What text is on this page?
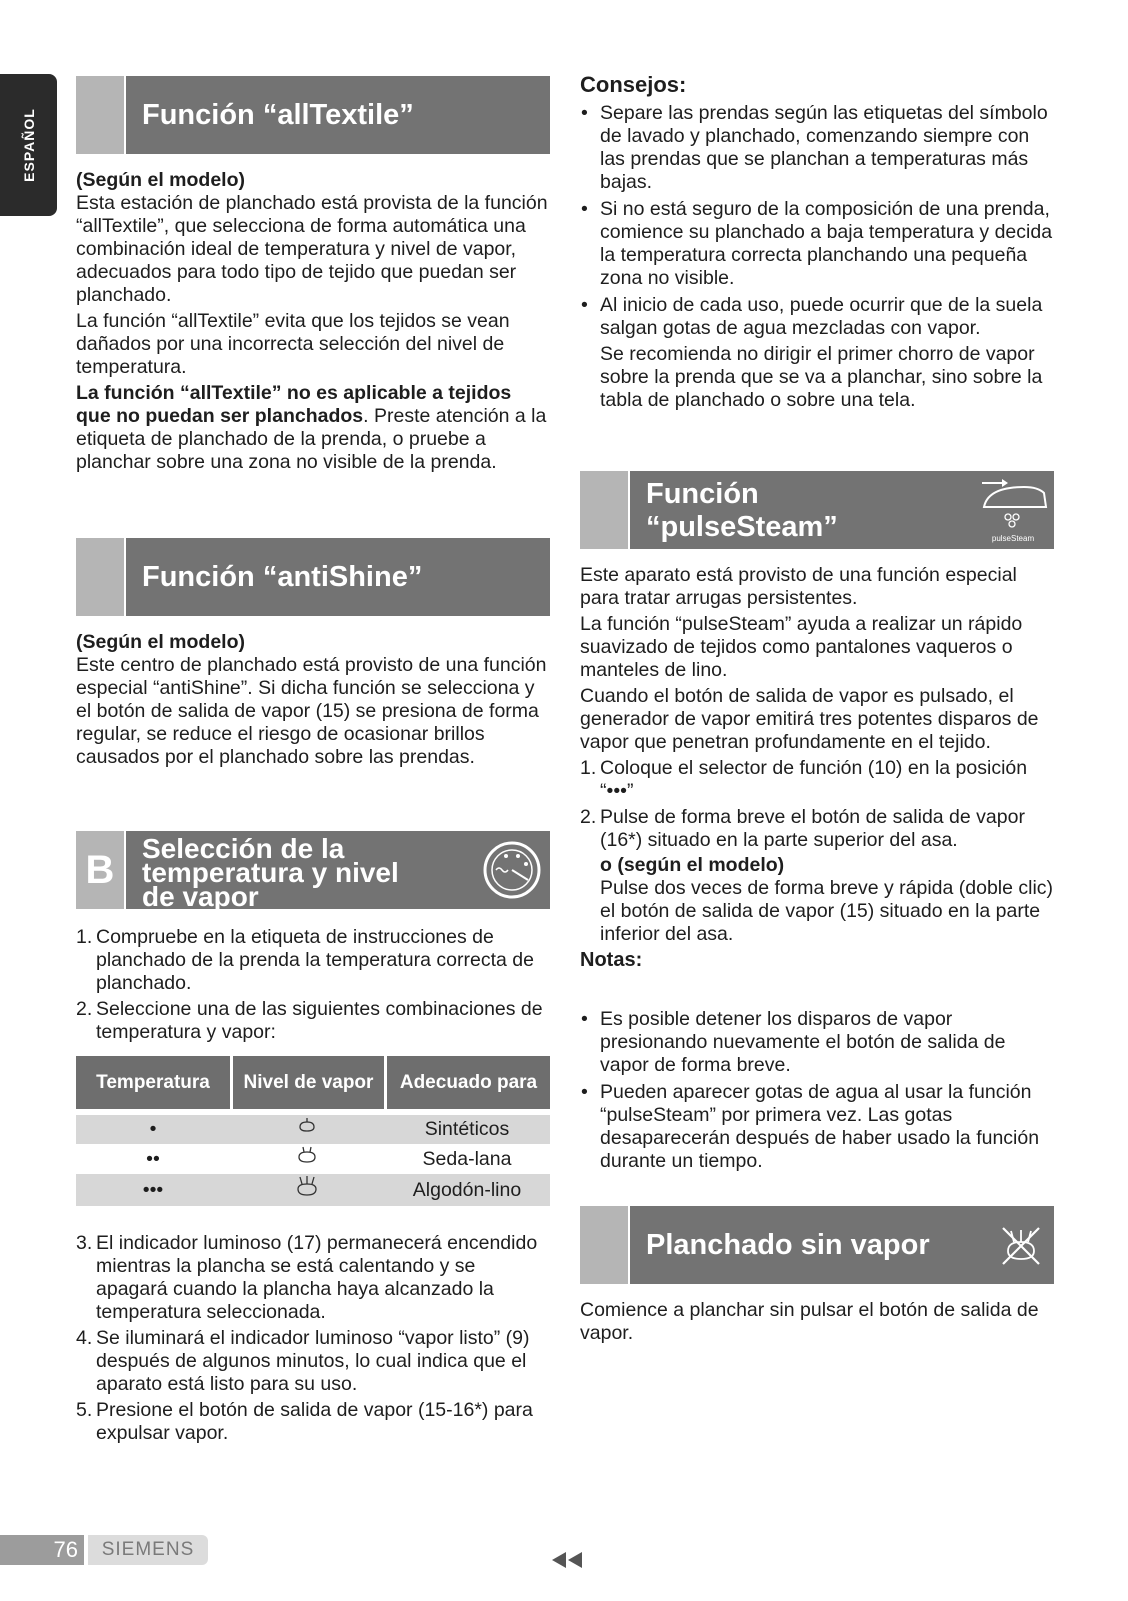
ESPAÑOL	Función “allTextile”
(Según el modelo)
Esta estación de planchado está provista de la función “allTextile”, que selecciona de forma automática una combinación ideal de temperatura y nivel de vapor, adecuados para todo tipo de tejido que puedan ser planchado.
La función “allTextile” evita que los tejidos se vean dañados por una incorrecta selección del nivel de temperatura.
La función “allTextile” no es aplicable a tejidos que no puedan ser planchados. Preste atención a la etiqueta de planchado de la prenda, o pruebe a planchar sobre una zona no visible de la prenda.
Función “antiShine”
(Según el modelo)
Este centro de planchado está provisto de una función especial “antiShine”. Si dicha función se selecciona y el botón de salida de vapor (15) se presiona de forma regular, se reduce el riesgo de ocasionar brillos causados por el planchado sobre las prendas.
B Selección de la
temperatura y nivel
de vapor
1. Compruebe en la etiqueta de instrucciones de planchado de la prenda la temperatura correcta de planchado.
2. Seleccione una de las siguientes combinaciones de temperatura y vapor:
Temperatura	Nivel de vapor	Adecuado para

•		Sintéticos
••		Seda-lana
•••		Algodón-lino
3. El indicador luminoso (17) permanecerá encendido mientras la plancha se está calentando y se apagará cuando la plancha haya alcanzado la temperatura seleccionada.
4. Se iluminará el indicador luminoso “vapor listo” (9) después de algunos minutos, lo cual indica que el aparato está listo para su uso.
5. Presione el botón de salida de vapor (15-16*) para expulsar vapor.
Consejos:
• Separe las prendas según las etiquetas del símbolo de lavado y planchado, comenzando siempre con las prendas que se planchan a temperaturas más bajas.
• Si no está seguro de la composición de una prenda, comience su planchado a baja temperatura y decida la temperatura correcta planchando una pequeña zona no visible.
• Al inicio de cada uso, puede ocurrir que de la suela salgan gotas de agua mezcladas con vapor.
Se recomienda no dirigir el primer chorro de vapor sobre la prenda que se va a planchar, sino sobre la tabla de planchado o sobre una tela.
Función
“pulseSteam”	pulseSteam
Este aparato está provisto de una función especial para tratar arrugas persistentes.
La función “pulseSteam” ayuda a realizar un rápido suavizado de tejidos como pantalones vaqueros o manteles de lino.
Cuando el botón de salida de vapor es pulsado, el generador de vapor emitirá tres potentes disparos de vapor que penetran profundamente en el tejido.
1. Coloque el selector de función (10) en la posición “•••”
2. Pulse de forma breve el botón de salida de vapor (16*) situado en la parte superior del asa.
o (según el modelo)
Pulse dos veces de forma breve y rápida (doble clic) el botón de salida de vapor (15) situado en la parte inferior del asa.
Notas:
• Es posible detener los disparos de vapor presionando nuevamente el botón de salida de vapor de forma breve.
• Pueden aparecer gotas de agua al usar la función “pulseSteam” por primera vez. Las gotas desaparecerán después de haber usado la función durante un tiempo.
Planchado sin vapor
Comience a planchar sin pulsar el botón de salida de vapor.
76	SIEMENS
